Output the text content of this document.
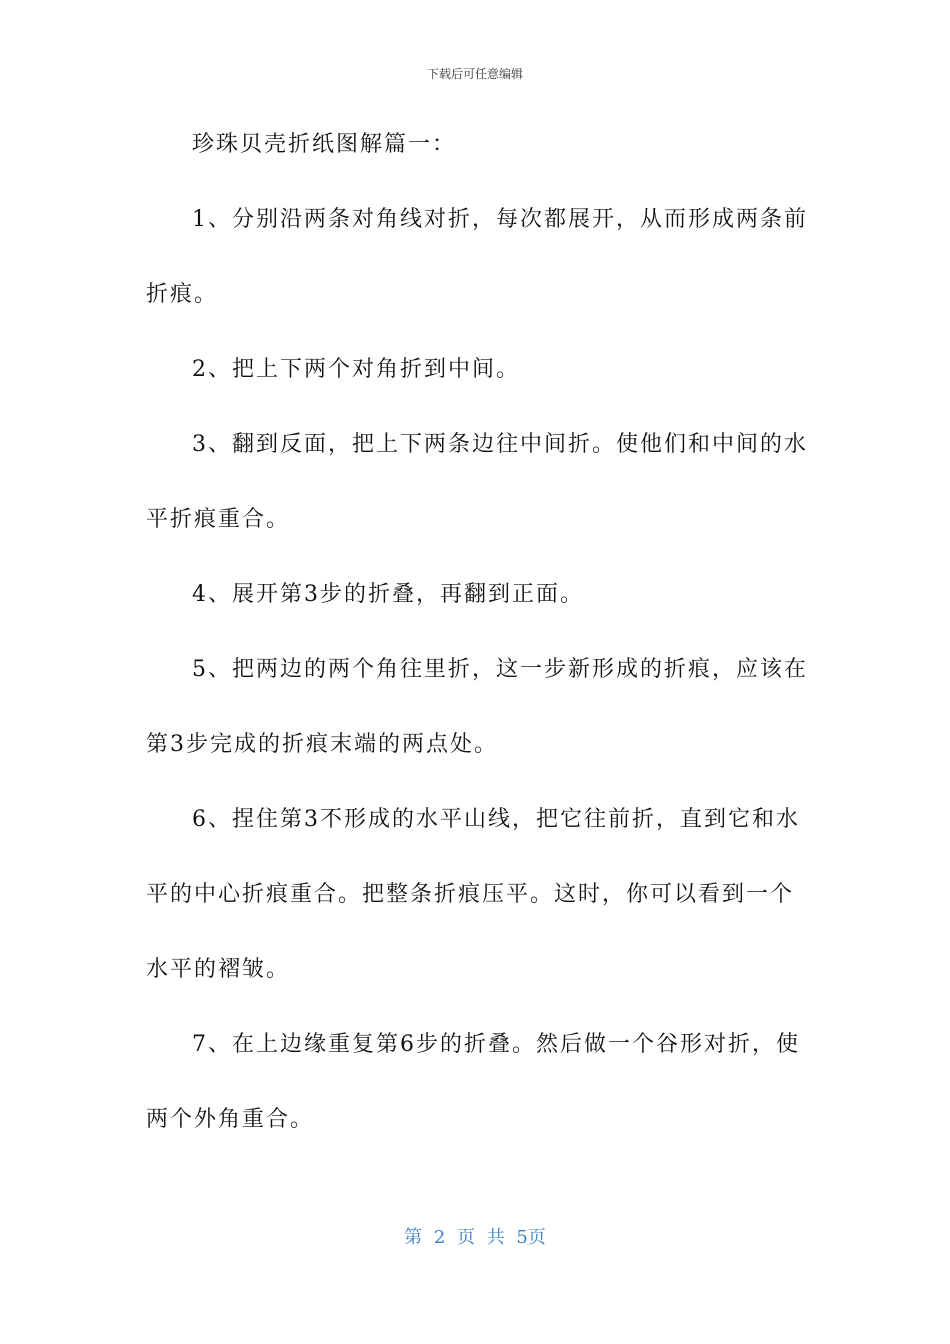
下载后可任意编辑

珍珠贝壳折纸图解篇一：

1、分别沿两条对角线对折，每次都展开，从而形成两条前

折痕。

2、把上下两个对角折到中间。

3、翻到反面，把上下两条边往中间折。使他们和中间的水

平折痕重合。

4、展开第3步的折叠，再翻到正面。

5、把两边的两个角往里折，这一步新形成的折痕，应该在

第3步完成的折痕末端的两点处。

6、捏住第3不形成的水平山线，把它往前折，直到它和水

平的中心折痕重合。把整条折痕压平。这时，你可以看到一个

水平的褶皱。

7、在上边缘重复第6步的折叠。然后做一个谷形对折，使

两个外角重合。

第 2 页 共 5页
